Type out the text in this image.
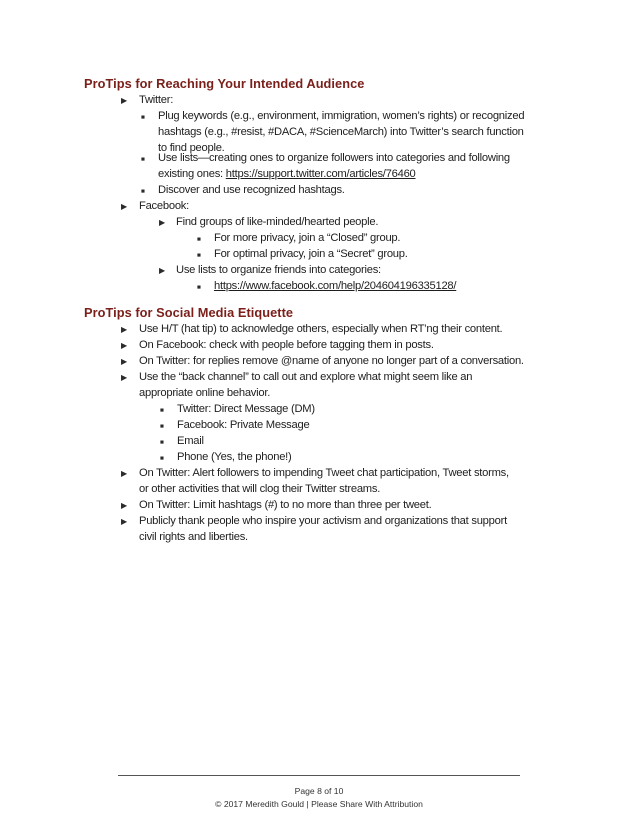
ProTips for Reaching Your Intended Audience
▶ Twitter:
■ Plug keywords (e.g., environment, immigration, women’s rights) or recognized
hashtags (e.g., #resist, #DACA, #ScienceMarch) into Twitter’s search function
to find people.
■ Use lists—creating ones to organize followers into categories and following
existing ones: https://support.twitter.com/articles/76460
■ Discover and use recognized hashtags.
▶ Facebook:
▶ Find groups of like-minded/hearted people.
■ For more privacy, join a “Closed” group.
■ For optimal privacy, join a “Secret” group.
▶ Use lists to organize friends into categories:
■ https://www.facebook.com/help/204604196335128/
ProTips for Social Media Etiquette
▶ Use H/T (hat tip) to acknowledge others, especially when RT’ng their content.
▶ On Facebook: check with people before tagging them in posts.
▶ On Twitter: for replies remove @name of anyone no longer part of a conversation.
▶ Use the “back channel” to call out and explore what might seem like an
appropriate online behavior.
■ Twitter: Direct Message (DM)
■ Facebook: Private Message
■ Email
■ Phone (Yes, the phone!)
▶ On Twitter: Alert followers to impending Tweet chat participation, Tweet storms,
or other activities that will clog their Twitter streams.
▶ On Twitter: Limit hashtags (#) to no more than three per tweet.
▶ Publicly thank people who inspire your activism and organizations that support
civil rights and liberties.
Page 8 of 10
© 2017 Meredith Gould | Please Share With Attribution
